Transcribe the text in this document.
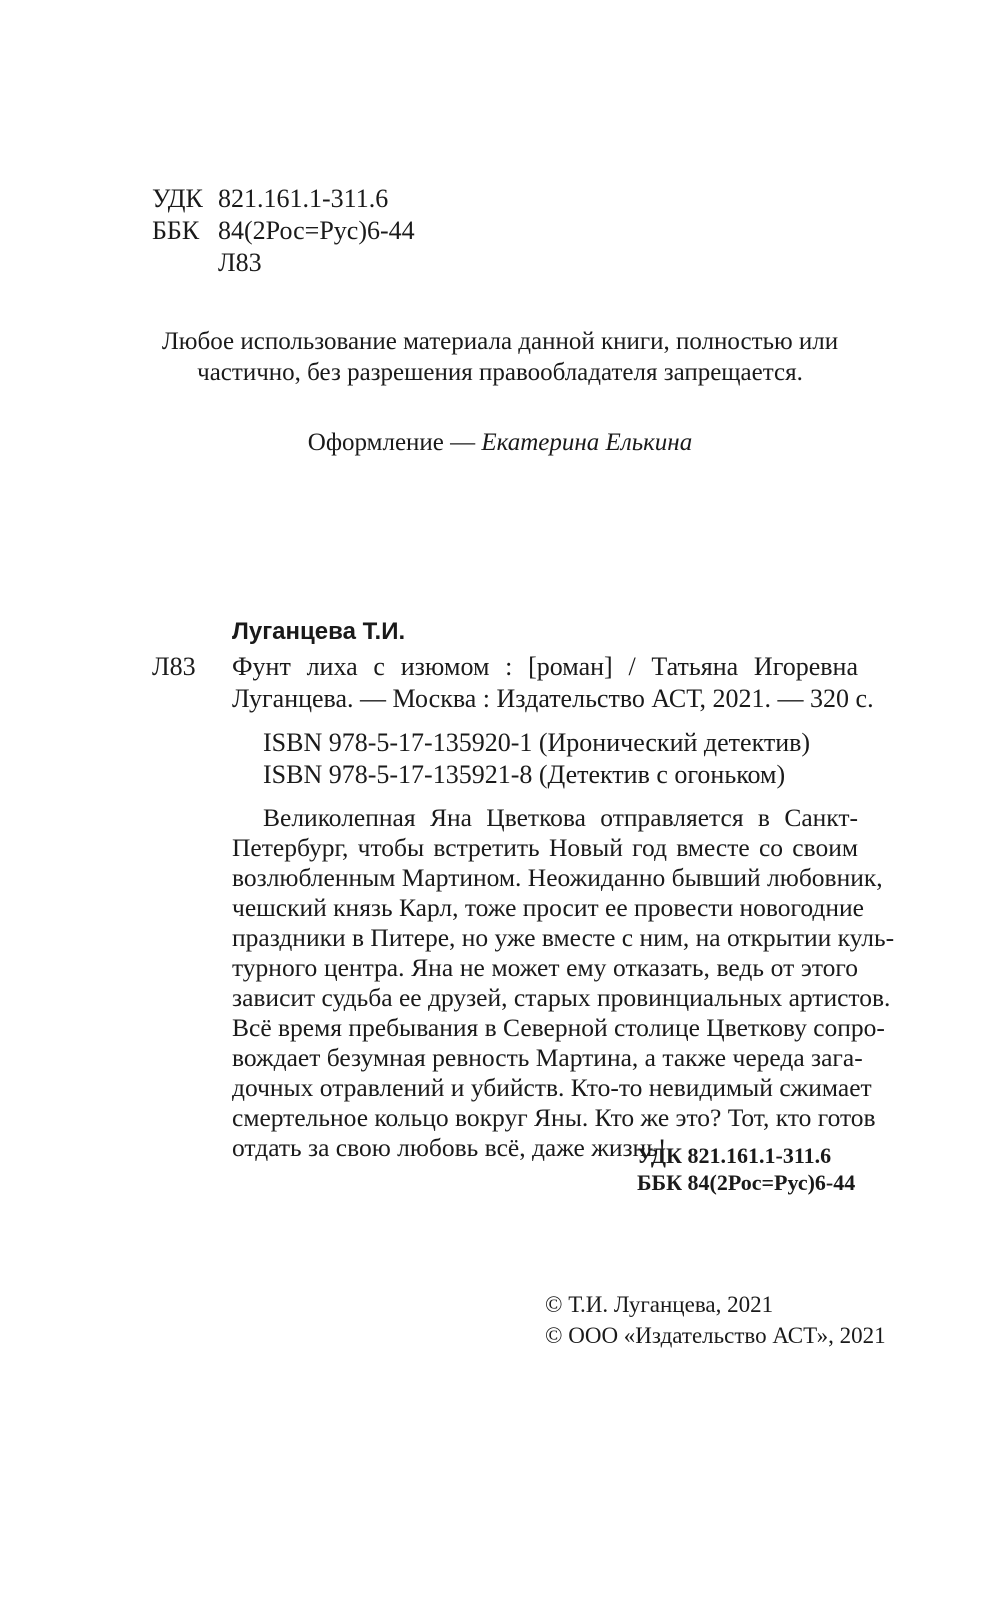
УДК 821.161.1-311.6
ББК 84(2Рос=Рус)6-44
Л83
Любое использование материала данной книги, полностью или
частично, без разрешения правообладателя запрещается.
Оформление — Екатерина Елькина
Луганцева Т.И.
Л83 Фунт лиха с изюмом : [роман] / Татьяна Игоревна
Луганцева. — Москва : Издательство АСТ, 2021. — 320 с.
ISBN 978-5-17-135920-1 (Иронический детектив)
ISBN 978-5-17-135921-8 (Детектив с огоньком)
Великолепная Яна Цветкова отправляется в Санкт-
Петербург, чтобы встретить Новый год вместе со своим
возлюбленным Мартином. Неожиданно бывший любовник,
чешский князь Карл, тоже просит ее провести новогодние
праздники в Питере, но уже вместе с ним, на открытии куль-
турного центра. Яна не может ему отказать, ведь от этого
зависит судьба ее друзей, старых провинциальных артистов.
Всё время пребывания в Северной столице Цветкову сопро-
вождает безумная ревность Мартина, а также череда зага-
дочных отравлений и убийств. Кто-то невидимый сжимает
смертельное кольцо вокруг Яны. Кто же это? Тот, кто готов
отдать за свою любовь всё, даже жизнь!
УДК 821.161.1-311.6
ББК 84(2Рос=Рус)6-44
© Т.И. Луганцева, 2021
© ООО «Издательство АСТ», 2021
